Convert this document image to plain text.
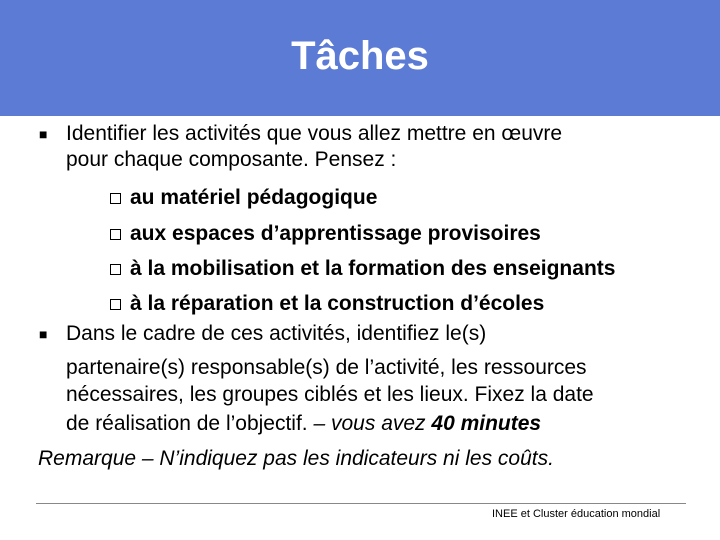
Tâches
■ Identifier les activités que vous allez mettre en œuvre
pour chaque composante. Pensez :
au matériel pédagogique
aux espaces d’apprentissage provisoires
à la mobilisation et la formation des enseignants
à la réparation et la construction d’écoles
■ Dans le cadre de ces activités, identifiez le(s)
partenaire(s) responsable(s) de l’activité, les ressources
nécessaires, les groupes ciblés et les lieux. Fixez la date
de réalisation de l’objectif. – vous avez 40 minutes
Remarque – N’indiquez pas les indicateurs ni les coûts.
INEE et Cluster éducation mondial
